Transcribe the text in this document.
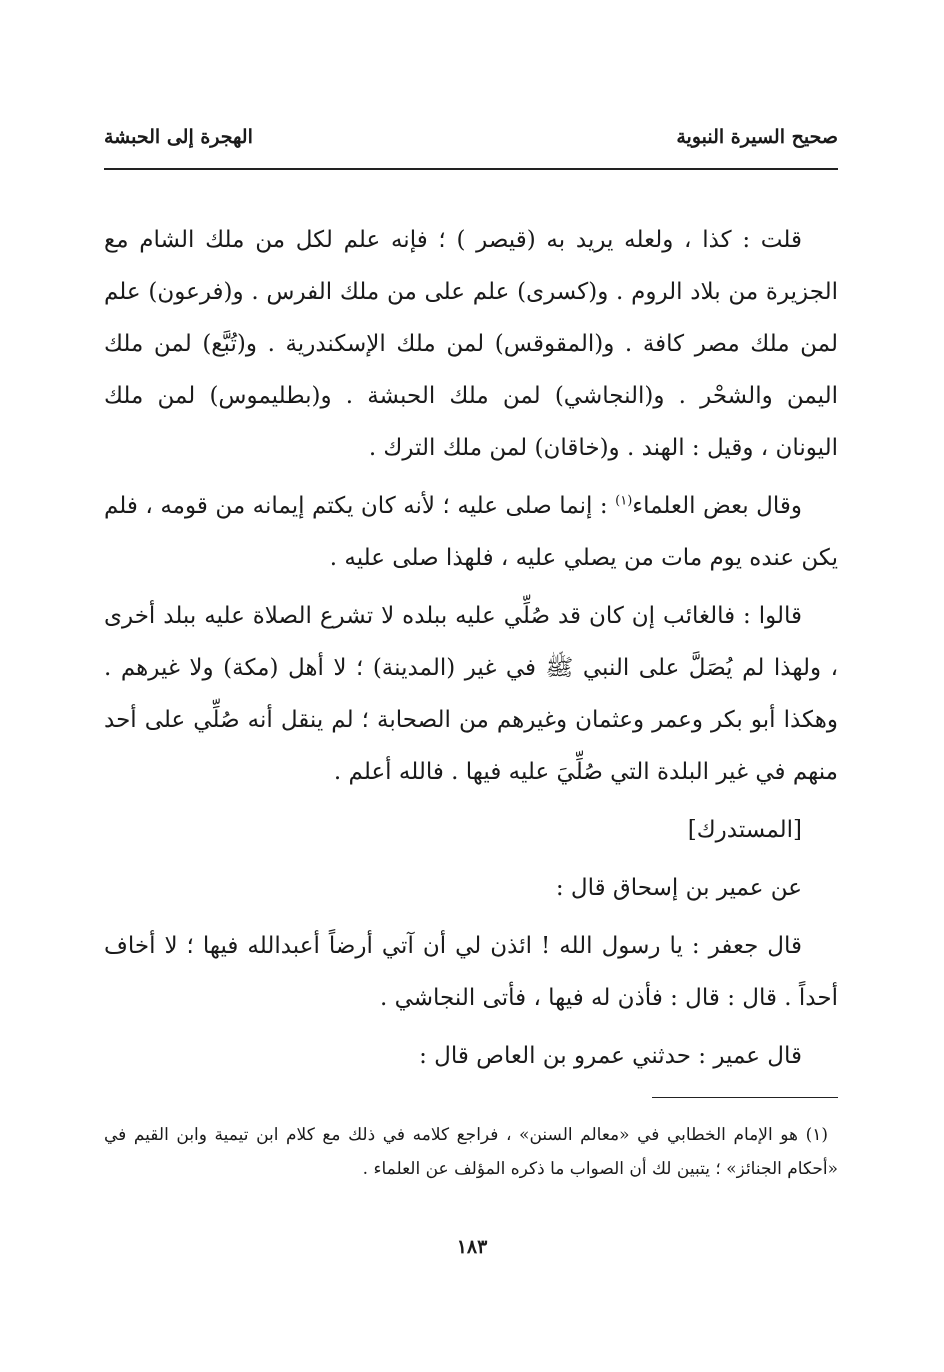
صحيح السيرة النبوية
الهجرة إلى الحبشة

قلت : كذا ، ولعله يريد به (قيصر ) ؛ فإنه علم لكل من ملك الشام مع الجزيرة من بلاد الروم . و(كسرى) علم على من ملك الفرس . و(فرعون) علم لمن ملك مصر كافة . و(المقوقس) لمن ملك الإسكندرية . و(تُبَّع) لمن ملك اليمن والشحْر . و(النجاشي) لمن ملك الحبشة . و(بطليموس) لمن ملك اليونان ، وقيل : الهند . و(خاقان) لمن ملك الترك .

وقال بعض العلماء$^{(١)}$ : إنما صلى عليه ؛ لأنه كان يكتم إيمانه من قومه ، فلم يكن عنده يوم مات من يصلي عليه ، فلهذا صلى عليه .

قالوا : فالغائب إن كان قد صُلِّي عليه ببلده لا تشرع الصلاة عليه ببلد أخرى ، ولهذا لم يُصَلَّ على النبي ﷺ في غير (المدينة) ؛ لا أهل (مكة) ولا غيرهم . وهكذا أبو بكر وعمر وعثمان وغيرهم من الصحابة ؛ لم ينقل أنه صُلِّي على أحد منهم في غير البلدة التي صُلِّيَ عليه فيها . فالله أعلم .

[المستدرك]

عن عمير بن إسحاق قال :

قال جعفر : يا رسول الله ! ائذن لي أن آتي أرضاً أعبدالله فيها ؛ لا أخاف أحداً . قال : قال : فأذن له فيها ، فأتى النجاشي .

قال عمير : حدثني عمرو بن العاص قال :

(١) هو الإمام الخطابي في «معالم السنن» ، فراجع كلامه في ذلك مع كلام ابن تيمية وابن القيم في «أحكام الجنائز» ؛ يتبين لك أن الصواب ما ذكره المؤلف عن العلماء .

١٨٣
